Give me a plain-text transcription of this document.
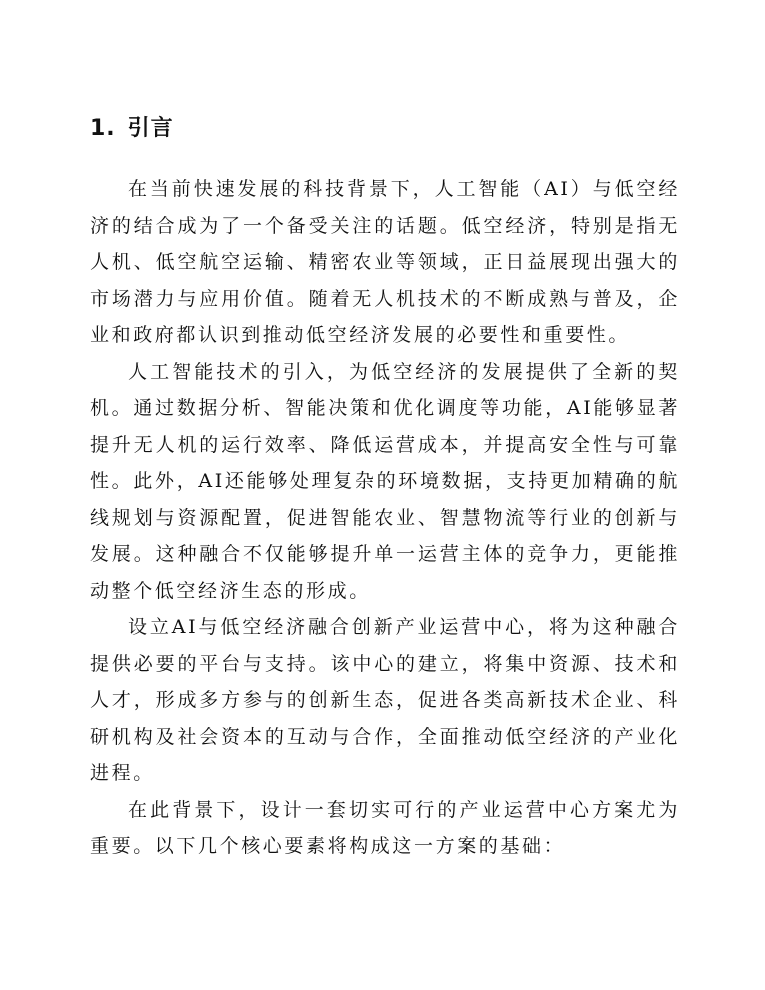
1. 引言

在当前快速发展的科技背景下，人工智能（AI）与低空经济的结合成为了一个备受关注的话题。低空经济，特别是指无人机、低空航空运输、精密农业等领域，正日益展现出强大的市场潜力与应用价值。随着无人机技术的不断成熟与普及，企业和政府都认识到推动低空经济发展的必要性和重要性。

人工智能技术的引入，为低空经济的发展提供了全新的契机。通过数据分析、智能决策和优化调度等功能，AI能够显著提升无人机的运行效率、降低运营成本，并提高安全性与可靠性。此外，AI还能够处理复杂的环境数据，支持更加精确的航线规划与资源配置，促进智能农业、智慧物流等行业的创新与发展。这种融合不仅能够提升单一运营主体的竞争力，更能推动整个低空经济生态的形成。

设立AI与低空经济融合创新产业运营中心，将为这种融合提供必要的平台与支持。该中心的建立，将集中资源、技术和人才，形成多方参与的创新生态，促进各类高新技术企业、科研机构及社会资本的互动与合作，全面推动低空经济的产业化进程。

在此背景下，设计一套切实可行的产业运营中心方案尤为重要。以下几个核心要素将构成这一方案的基础：
